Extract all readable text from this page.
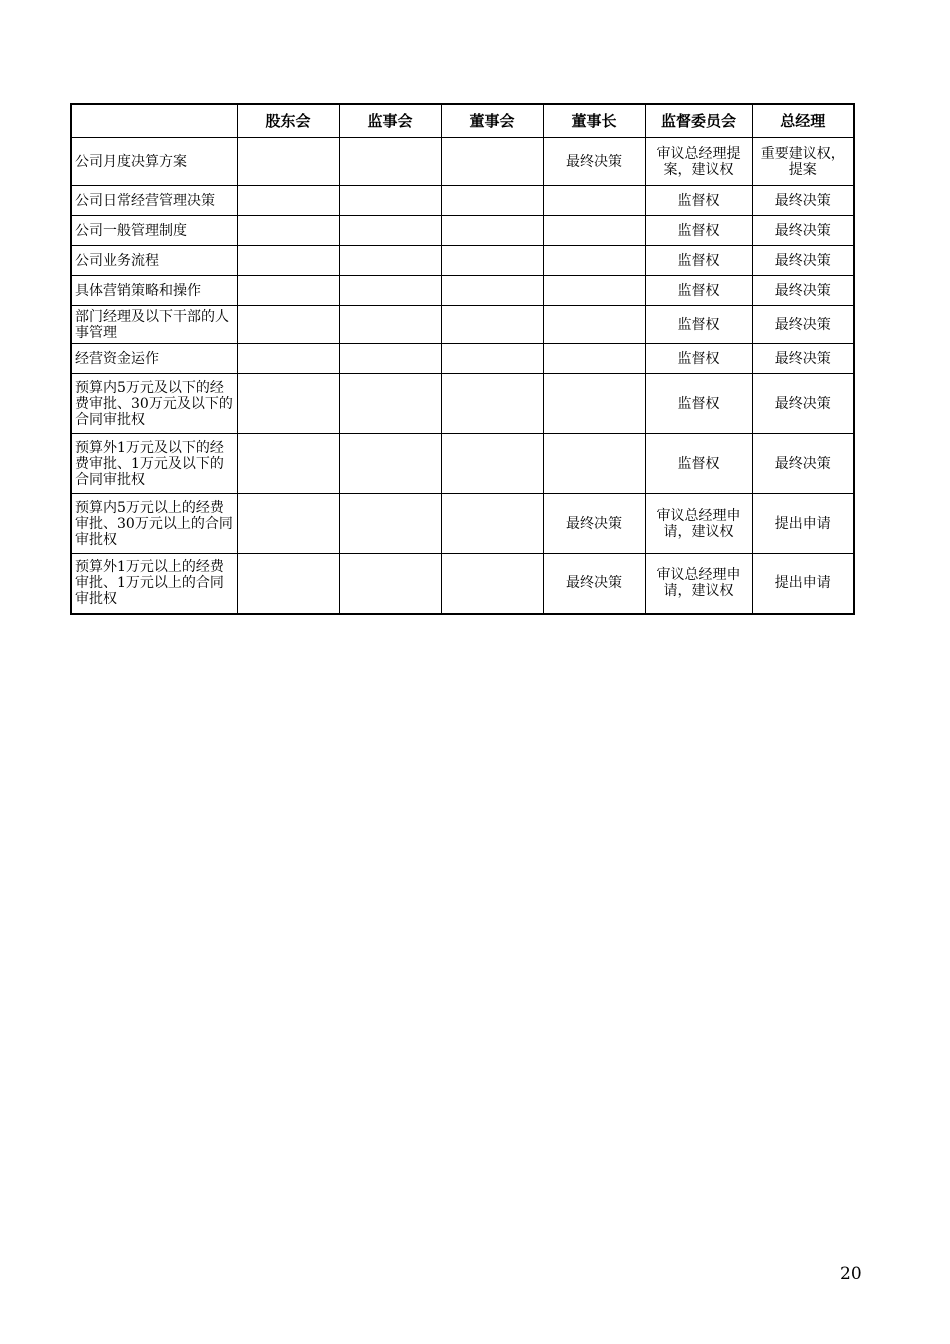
	股东会	监事会	董事会	董事长	监督委员会	总经理
公司月度决算方案				最终决策	审议总经理提案，建议权	重要建议权，提案
公司日常经营管理决策					监督权	最终决策
公司一般管理制度					监督权	最终决策
公司业务流程					监督权	最终决策
具体营销策略和操作					监督权	最终决策
部门经理及以下干部的人事管理					监督权	最终决策
经营资金运作					监督权	最终决策
预算内5万元及以下的经费审批、30万元及以下的合同审批权					监督权	最终决策
预算外1万元及以下的经费审批、1万元及以下的合同审批权					监督权	最终决策
预算内5万元以上的经费审批、30万元以上的合同审批权				最终决策	审议总经理申请，建议权	提出申请
预算外1万元以上的经费审批、1万元以上的合同审批权				最终决策	审议总经理申请，建议权	提出申请
20
